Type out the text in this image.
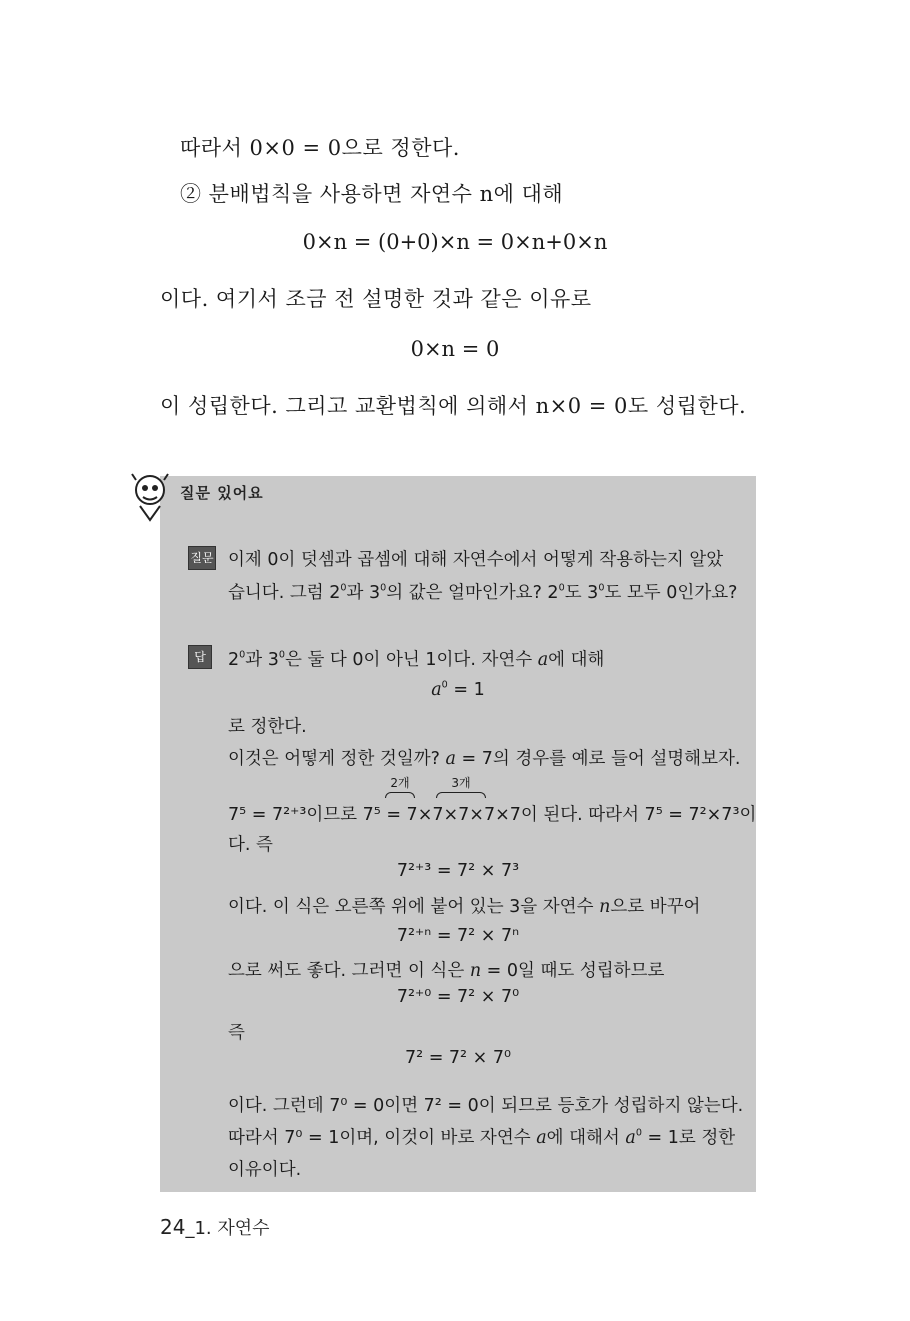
따라서 0×0 = 0으로 정한다.

② 분배법칙을 사용하면 자연수 n에 대해

0×n = (0+0)×n = 0×n+0×n

이다. 여기서 조금 전 설명한 것과 같은 이유로

0×n = 0

이 성립한다. 그리고 교환법칙에 의해서 n×0 = 0도 성립한다.

질문 있어요
질문 이제 0이 덧셈과 곱셈에 대해 자연수에서 어떻게 작용하는지 알았

습니다. 그럼 $2^0$과 $3^0$의 값은 얼마인가요? $2^0$도 $3^0$도 모두 0인가요?

답	$2^0$과 $3^0$은 둘 다 0이 아닌 1이다. 자연수 a에 대해

$a^0 = 1$

로 정한다.

이것은 어떻게 정한 것일까? a = 7의 경우를 예로 들어 설명해보자.

2개	3개

7⁵ = 7²⁺³이므로 7⁵ = 7×7×7×7×7이 된다. 따라서 7⁵ = 7²×7³이

다. 즉

7²⁺³ = 7² × 7³

이다. 이 식은 오른쪽 위에 붙어 있는 3을 자연수 n으로 바꾸어

7²⁺ⁿ = 7² × 7ⁿ

으로 써도 좋다. 그러면 이 식은 n = 0일 때도 성립하므로

7²⁺⁰ = 7² × 7⁰

즉

7² = 7² × 7⁰

이다. 그런데 7⁰ = 0이면 7² = 0이 되므로 등호가 성립하지 않는다.

따라서 7⁰ = 1이며, 이것이 바로 자연수 a에 대해서 $a^0 = 1$로 정한

이유이다.

24_1. 자연수
